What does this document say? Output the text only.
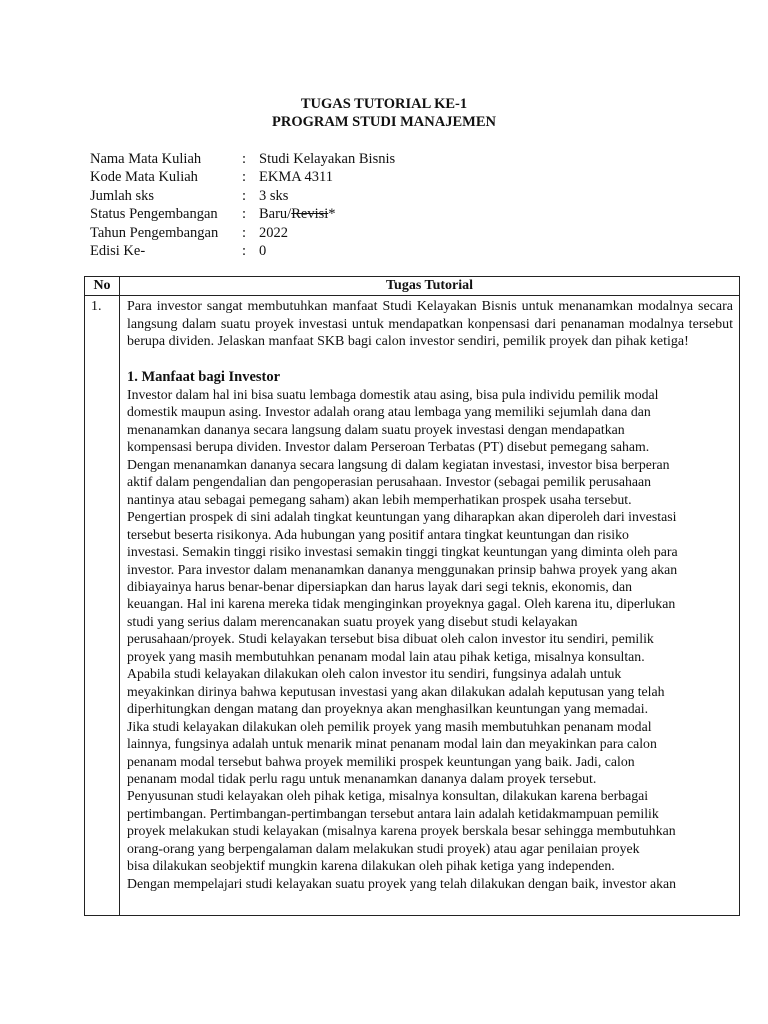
TUGAS TUTORIAL KE-1
PROGRAM STUDI MANAJEMEN
Nama Mata Kuliah	: Studi Kelayakan Bisnis
Kode Mata Kuliah	: EKMA 4311
Jumlah sks	: 3 sks
Status Pengembangan	: Baru/Revisi*
Tahun Pengembangan	: 2022
Edisi Ke-	: 0
No	Tugas Tutorial
1. Para investor sangat membutuhkan manfaat Studi Kelayakan Bisnis untuk menanamkan modalnya secara langsung dalam suatu proyek investasi untuk mendapatkan konpensasi dari penanaman modalnya tersebut berupa dividen. Jelaskan manfaat SKB bagi calon investor sendiri, pemilik proyek dan pihak ketiga!
1. Manfaat bagi Investor
Investor dalam hal ini bisa suatu lembaga domestik atau asing, bisa pula individu pemilik modal
domestik maupun asing. Investor adalah orang atau lembaga yang memiliki sejumlah dana dan
menanamkan dananya secara langsung dalam suatu proyek investasi dengan mendapatkan
kompensasi berupa dividen. Investor dalam Perseroan Terbatas (PT) disebut pemegang saham.
Dengan menanamkan dananya secara langsung di dalam kegiatan investasi, investor bisa berperan
aktif dalam pengendalian dan pengoperasian perusahaan. Investor (sebagai pemilik perusahaan
nantinya atau sebagai pemegang saham) akan lebih memperhatikan prospek usaha tersebut.
Pengertian prospek di sini adalah tingkat keuntungan yang diharapkan akan diperoleh dari investasi
tersebut beserta risikonya. Ada hubungan yang positif antara tingkat keuntungan dan risiko
investasi. Semakin tinggi risiko investasi semakin tinggi tingkat keuntungan yang diminta oleh para
investor. Para investor dalam menanamkan dananya menggunakan prinsip bahwa proyek yang akan
dibiayainya harus benar-benar dipersiapkan dan harus layak dari segi teknis, ekonomis, dan
keuangan. Hal ini karena mereka tidak menginginkan proyeknya gagal. Oleh karena itu, diperlukan
studi yang serius dalam merencanakan suatu proyek yang disebut studi kelayakan
perusahaan/proyek. Studi kelayakan tersebut bisa dibuat oleh calon investor itu sendiri, pemilik
proyek yang masih membutuhkan penanam modal lain atau pihak ketiga, misalnya konsultan.
Apabila studi kelayakan dilakukan oleh calon investor itu sendiri, fungsinya adalah untuk
meyakinkan dirinya bahwa keputusan investasi yang akan dilakukan adalah keputusan yang telah
diperhitungkan dengan matang dan proyeknya akan menghasilkan keuntungan yang memadai.
Jika studi kelayakan dilakukan oleh pemilik proyek yang masih membutuhkan penanam modal
lainnya, fungsinya adalah untuk menarik minat penanam modal lain dan meyakinkan para calon
penanam modal tersebut bahwa proyek memiliki prospek keuntungan yang baik. Jadi, calon
penanam modal tidak perlu ragu untuk menanamkan dananya dalam proyek tersebut.
Penyusunan studi kelayakan oleh pihak ketiga, misalnya konsultan, dilakukan karena berbagai
pertimbangan. Pertimbangan-pertimbangan tersebut antara lain adalah ketidakmampuan pemilik
proyek melakukan studi kelayakan (misalnya karena proyek berskala besar sehingga membutuhkan
orang-orang yang berpengalaman dalam melakukan studi proyek) atau agar penilaian proyek
bisa dilakukan seobjektif mungkin karena dilakukan oleh pihak ketiga yang independen.
Dengan mempelajari studi kelayakan suatu proyek yang telah dilakukan dengan baik, investor akan
